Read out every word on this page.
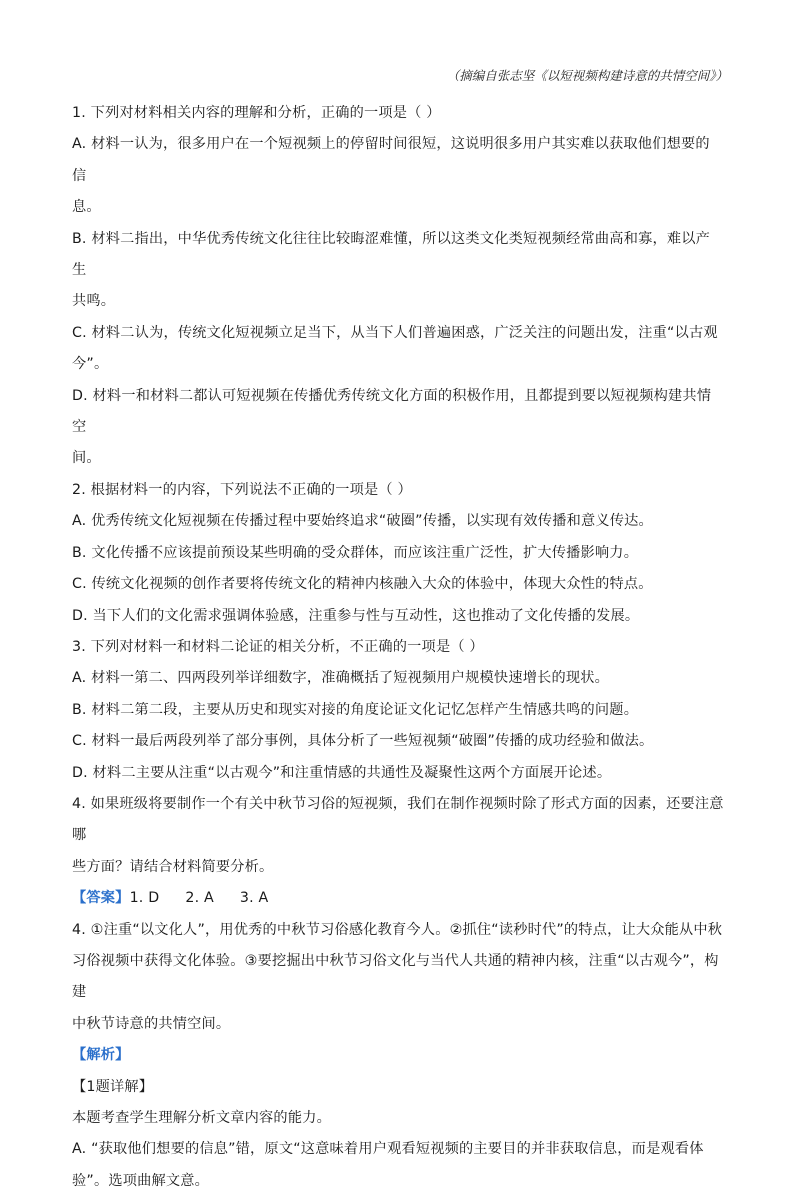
（摘编自张志坚《以短视频构建诗意的共情空间》）

1. 下列对材料相关内容的理解和分析，正确的一项是（ ）

A. 材料一认为，很多用户在一个短视频上的停留时间很短，这说明很多用户其实难以获取他们想要的信

息。

B. 材料二指出，中华优秀传统文化往往比较晦涩难懂，所以这类文化类短视频经常曲高和寡，难以产生

共鸣。

C. 材料二认为，传统文化短视频立足当下，从当下人们普遍困惑，广泛关注的问题出发，注重“以古观

今”。

D. 材料一和材料二都认可短视频在传播优秀传统文化方面的积极作用，且都提到要以短视频构建共情空

间。

2. 根据材料一的内容，下列说法不正确的一项是（ ）

A. 优秀传统文化短视频在传播过程中要始终追求“破圈”传播，以实现有效传播和意义传达。

B. 文化传播不应该提前预设某些明确的受众群体，而应该注重广泛性，扩大传播影响力。

C. 传统文化视频的创作者要将传统文化的精神内核融入大众的体验中，体现大众性的特点。

D. 当下人们的文化需求强调体验感，注重参与性与互动性，这也推动了文化传播的发展。

3. 下列对材料一和材料二论证的相关分析，不正确的一项是（ ）

A. 材料一第二、四两段列举详细数字，准确概括了短视频用户规模快速增长的现状。

B. 材料二第二段，主要从历史和现实对接的角度论证文化记忆怎样产生情感共鸣的问题。

C. 材料一最后两段列举了部分事例，具体分析了一些短视频“破圈”传播的成功经验和做法。

D. 材料二主要从注重“以古观今”和注重情感的共通性及凝聚性这两个方面展开论述。

4. 如果班级将要制作一个有关中秋节习俗的短视频，我们在制作视频时除了形式方面的因素，还要注意哪

些方面？请结合材料简要分析。

【答案】1. D 2. A 3. A

4. ①注重“以文化人”，用优秀的中秋节习俗感化教育今人。②抓住“读秒时代”的特点，让大众能从中秋

习俗视频中获得文化体验。③要挖掘出中秋节习俗文化与当代人共通的精神内核，注重“以古观今”，构建

中秋节诗意的共情空间。

【解析】

【1题详解】

本题考查学生理解分析文章内容的能力。

A. “获取他们想要的信息”错，原文“这意味着用户观看短视频的主要目的并非获取信息，而是观看体

验”。选项曲解文意。
